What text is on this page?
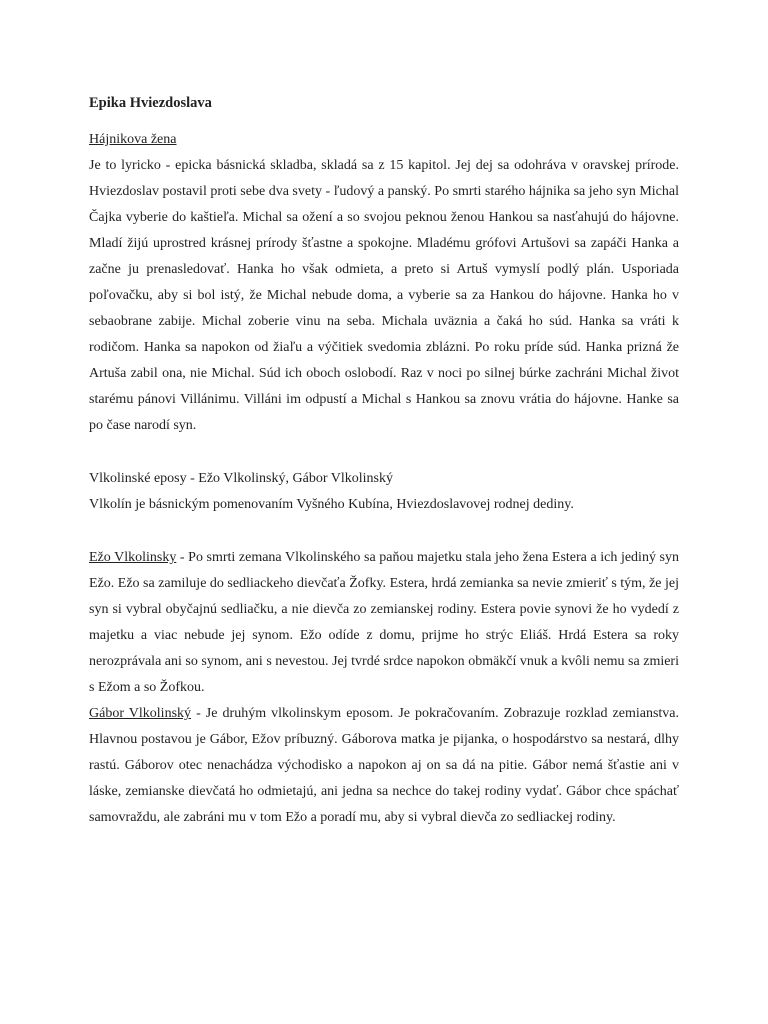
Epika Hviezdoslava
Hájnikova žena

Je to lyricko - epicka básnická skladba, skladá sa z 15 kapitol. Jej dej sa odohráva v oravskej prírode. Hviezdoslav postavil proti sebe dva svety - ľudový a panský. Po smrti starého hájnika sa jeho syn Michal Čajka vyberie do kaštieľa. Michal sa ožení a so svojou peknou ženou Hankou sa nasťahujú do hájovne. Mladí žijú uprostred krásnej prírody šťastne a spokojne. Mladému grófovi Artušovi sa zapáči Hanka a začne ju prenasledovať. Hanka ho však odmieta, a preto si Artuš vymyslí podlý plán. Usporiada poľovačku, aby si bol istý, že Michal nebude doma, a vyberie sa za Hankou do hájovne. Hanka ho v sebaobrane zabije. Michal zoberie vinu na seba. Michala uväznia a čaká ho súd. Hanka sa vráti k rodičom. Hanka sa napokon od žiaľu a výčitiek svedomia zblázni. Po roku príde súd. Hanka prizná že Artuša zabil ona, nie Michal. Súd ich oboch oslobodí. Raz v noci po silnej búrke zachráni Michal život starému pánovi Villánimu. Villáni im odpustí a Michal s Hankou sa znovu vrátia do hájovne. Hanke sa po čase narodí syn.

Vlkolinské eposy - Ežo Vlkolinský, Gábor Vlkolinský

Vlkolín je básnickým pomenovaním Vyšného Kubína, Hviezdoslavovej rodnej dediny.

Ežo Vlkolinsky - Po smrti zemana Vlkolinského sa paňou majetku stala jeho žena Estera a ich jediný syn Ežo. Ežo sa zamiluje do sedliackeho dievčaťa Žofky. Estera, hrdá zemianka sa nevie zmieriť s tým, že jej syn si vybral obyčajnú sedliačku, a nie dievča zo zemianskej rodiny. Estera povie synovi že ho vydedí z majetku a viac nebude jej synom. Ežo odíde z domu, prijme ho strýc Eliáš. Hrdá Estera sa roky nerozprávala ani so synom, ani s nevestou. Jej tvrdé srdce napokon obmäkčí vnuk a kvôli nemu sa zmieri s Ežom a so Žofkou.

Gábor Vlkolinský - Je druhým vlkolinskym eposom. Je pokračovaním. Zobrazuje rozklad zemianstva. Hlavnou postavou je Gábor, Ežov príbuzný. Gáborova matka je pijanka, o hospodárstvo sa nestará, dlhy rastú. Gáborov otec nenachádza východisko a napokon aj on sa dá na pitie. Gábor nemá šťastie ani v láske, zemianske dievčatá ho odmietajú, ani jedna sa nechce do takej rodiny vydať. Gábor chce spáchať samovraždu, ale zabráni mu v tom Ežo a poradí mu, aby si vybral dievča zo sedliackej rodiny.
